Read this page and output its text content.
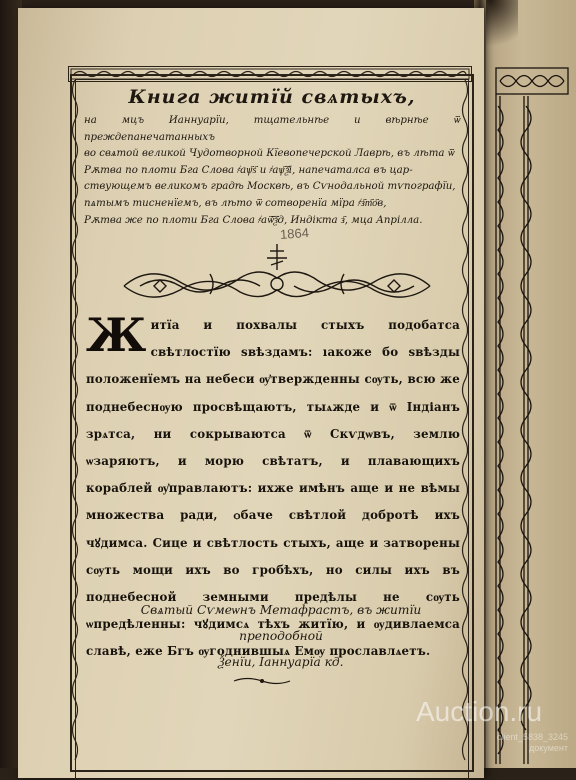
Книга житїй свѧтыхъ,

на мцъ Ианнуарїи, тщательнѣе и вѣрнѣе ѿ преждепанечатанныхъ

во свѧтой великой Чудотворной Кїевопечерской Лаврѣ, въ лѣта ѿ

Рѫтва по плоти Бга Слова ҂аѱ҃ѕ҃ и ҂аѱ҃ѯ҃і, напечаталса въ цар-

ствующемъ великомъ градѣ Москвѣ, въ Сѵнодальной тѵпографїи,

пѧтымъ тисненїемъ, въ лѣто ѿ сотворенїа мїра ҂з҃т҃о҃в,

Рѫтва же по плоти Бга Слова ҂аѿ҃ѯ҃д, Индікта з҃, мца Апрілла.

1864
Житїа и похвалы стыхъ подобатса свѣтлостїю ѕвѣздамъ: ıакоже бо ѕвѣзды положенїемъ на небеси ѹ҆твержденны сѹть, всю же поднебеснѹю просвѣщаютъ, тыѧжде и ѿ Індіанъ зрѧтса, ни сокрываютса ѿ Скѵдѡвъ, землю ѡзаряютъ, и морю свѣтатъ, и плавающихъ кораблей ѹ҆правлаютъ: ихже имѣнъ аще и не вѣмы множества ради, ѻбаче свѣтлой добротѣ ихъ чꙋдимса. Сице и свѣтлость стыхъ, аще и затворены сѹть мощи ихъ во гробѣхъ, но силы ихъ въ поднебесной земными предѣлы не сѹть ѡпредѣленны: чꙋдимсѧ тѣхъ житїю, и ѹдивлаемса славѣ, еже Бгъ ѹгоднившыѧ Емѹ прославлѧетъ.
Свѧтый Сѵмеѡнъ Метафрастъ, въ житїи преподобной
Ѯенїи, Іаннуарїа кд.
Auction.ru
client_5838_3245
документ
